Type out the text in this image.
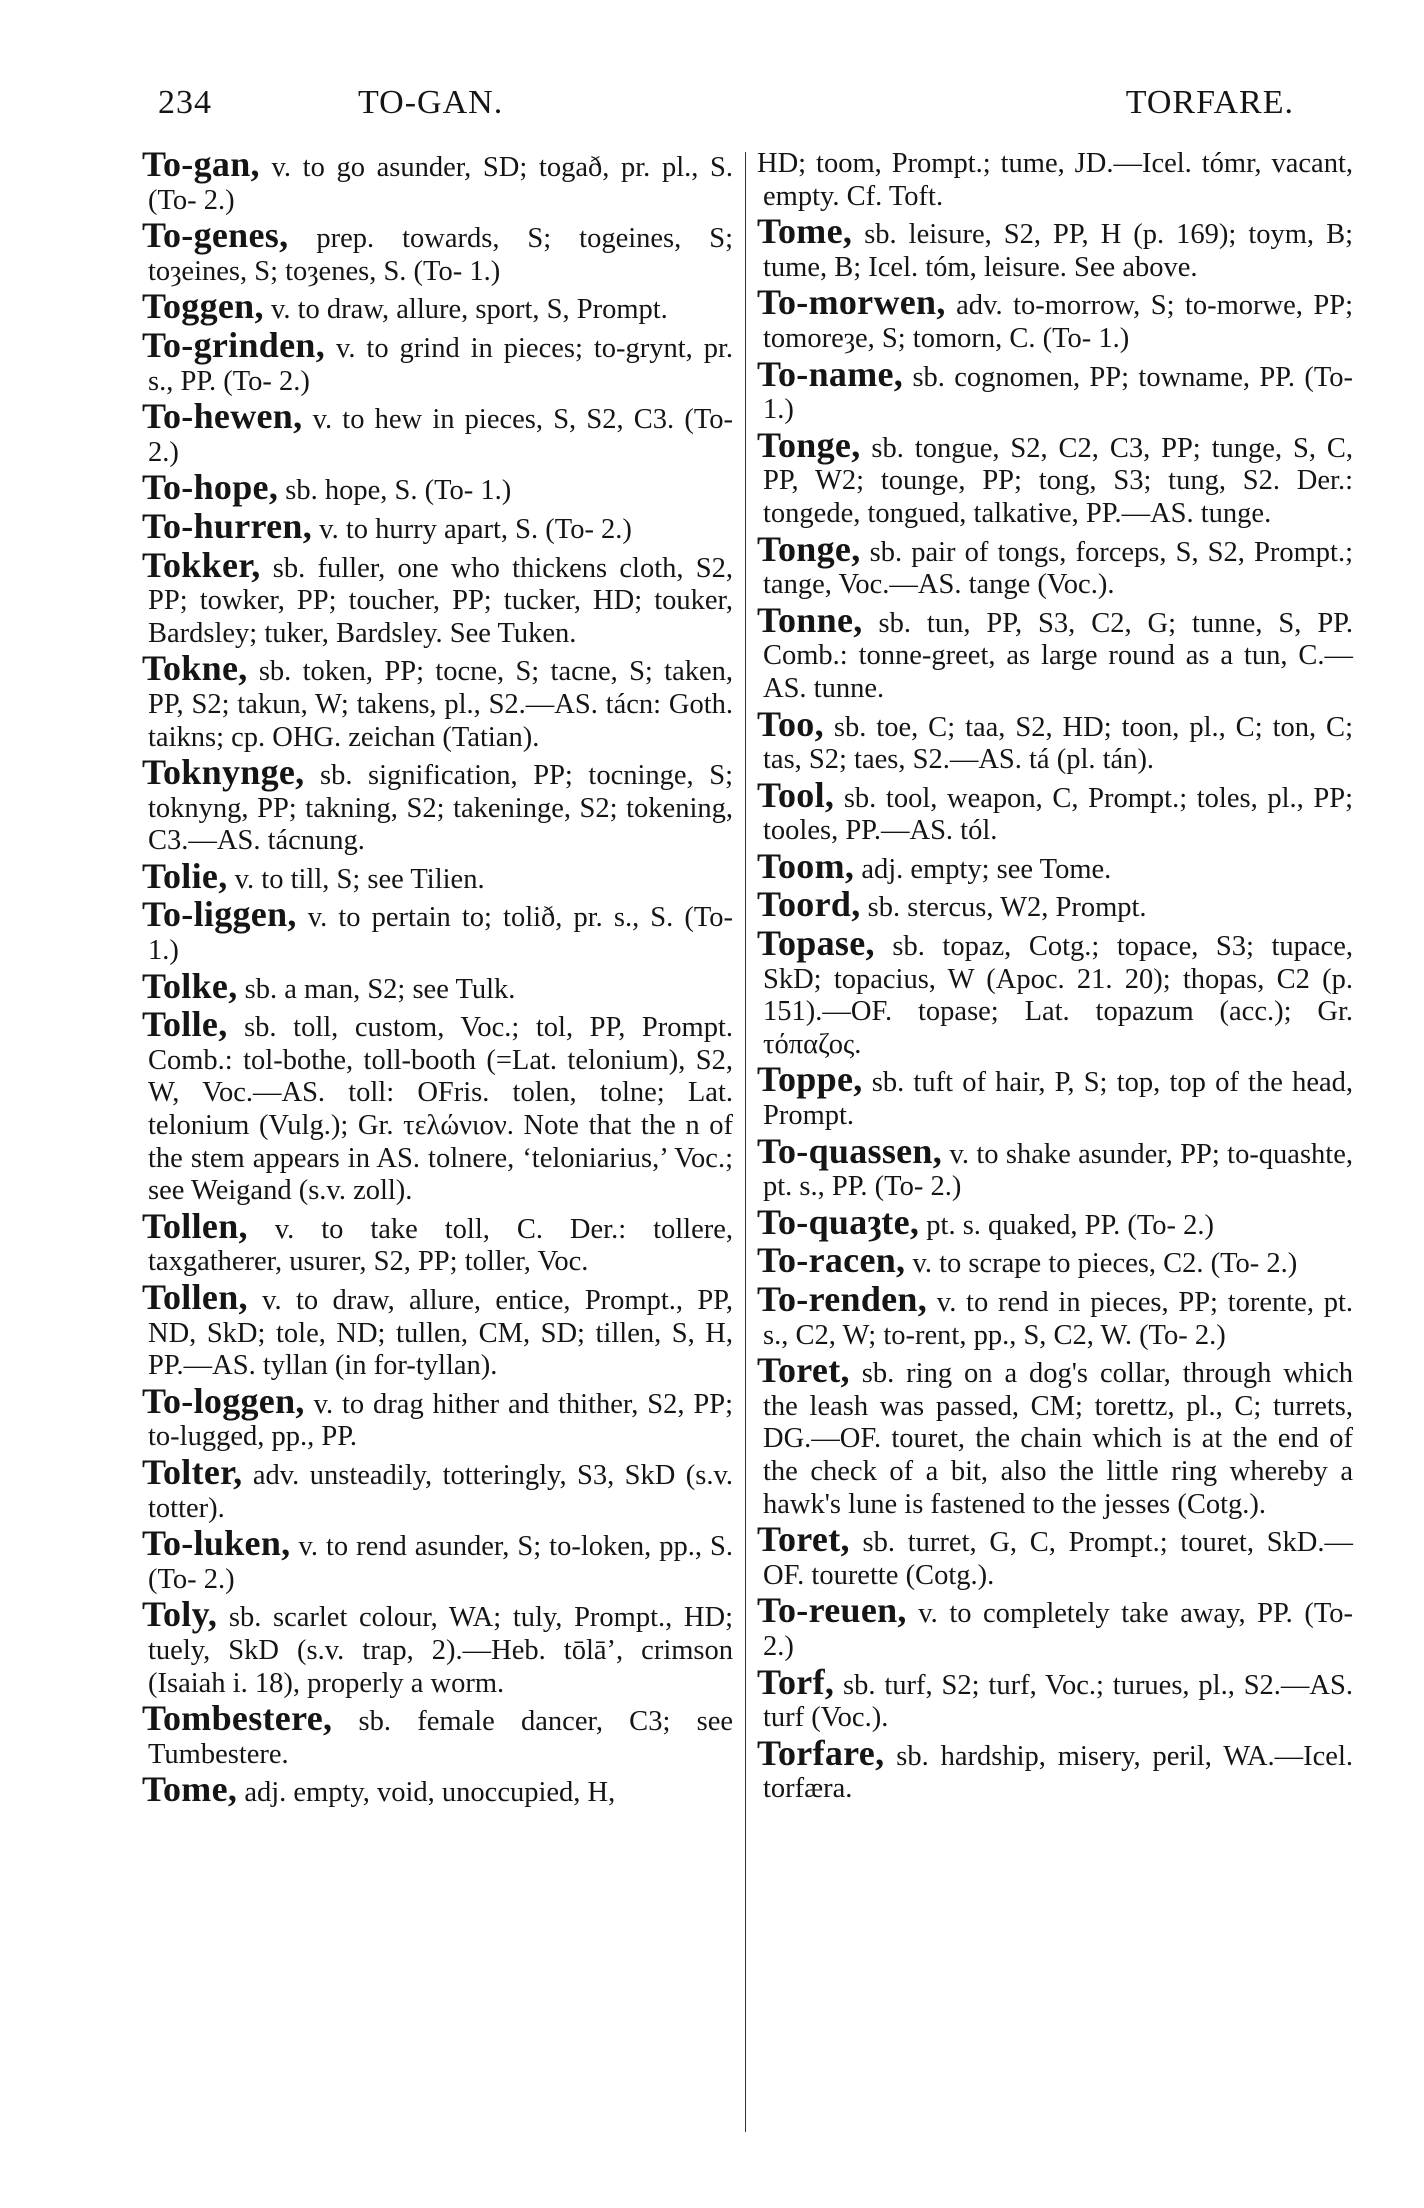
234	TO-GAN.	TORFARE.

To-gan, v. to go asunder, SD; togað, pr. pl., S. (To- 2.)

To-genes, prep. towards, S; togeines, S; toȝeines, S; toȝenes, S. (To- 1.)

Toggen, v. to draw, allure, sport, S, Prompt.

To-grinden, v. to grind in pieces; to-grynt, pr. s., PP. (To- 2.)

To-hewen, v. to hew in pieces, S, S2, C3. (To- 2.)

To-hope, sb. hope, S. (To- 1.)

To-hurren, v. to hurry apart, S. (To- 2.)

Tokker, sb. fuller, one who thickens cloth, S2, PP; towker, PP; toucher, PP; tucker, HD; touker, Bardsley; tuker, Bardsley. See Tuken.

Tokne, sb. token, PP; tocne, S; tacne, S; taken, PP, S2; takun, W; takens, pl., S2.—AS. tácn: Goth. taikns; cp. OHG. zeichan (Tatian).

Toknynge, sb. signification, PP; tocninge, S; toknyng, PP; takning, S2; takeninge, S2; tokening, C3.—AS. tácnung.

Tolie, v. to till, S; see Tilien.

To-liggen, v. to pertain to; tolið, pr. s., S. (To- 1.)

Tolke, sb. a man, S2; see Tulk.

Tolle, sb. toll, custom, Voc.; tol, PP, Prompt. Comb.: tol-bothe, toll-booth (=Lat. telonium), S2, W, Voc.—AS. toll: OFris. tolen, tolne; Lat. telonium (Vulg.); Gr. τελώνιον. Note that the n of the stem appears in AS. tolnere, ‘teloniarius,’ Voc.; see Weigand (s.v. zoll).

Tollen, v. to take toll, C. Der.: tollere, taxgatherer, usurer, S2, PP; toller, Voc.

Tollen, v. to draw, allure, entice, Prompt., PP, ND, SkD; tole, ND; tullen, CM, SD; tillen, S, H, PP.—AS. tyllan (in for-tyllan).

To-loggen, v. to drag hither and thither, S2, PP; to-lugged, pp., PP.

Tolter, adv. unsteadily, totteringly, S3, SkD (s.v. totter).

To-luken, v. to rend asunder, S; to-loken, pp., S. (To- 2.)

Toly, sb. scarlet colour, WA; tuly, Prompt., HD; tuely, SkD (s.v. trap, 2).—Heb. tōlāʼ, crimson (Isaiah i. 18), properly a worm.

Tombestere, sb. female dancer, C3; see Tumbestere.

Tome, adj. empty, void, unoccupied, H,

HD; toom, Prompt.; tume, JD.—Icel. tómr, vacant, empty. Cf. Toft.

Tome, sb. leisure, S2, PP, H (p. 169); toym, B; tume, B; Icel. tóm, leisure. See above.

To-morwen, adv. to-morrow, S; to-morwe, PP; tomoreȝe, S; tomorn, C. (To- 1.)

To-name, sb. cognomen, PP; towname, PP. (To- 1.)

Tonge, sb. tongue, S2, C2, C3, PP; tunge, S, C, PP, W2; tounge, PP; tong, S3; tung, S2. Der.: tongede, tongued, talkative, PP.—AS. tunge.

Tonge, sb. pair of tongs, forceps, S, S2, Prompt.; tange, Voc.—AS. tange (Voc.).

Tonne, sb. tun, PP, S3, C2, G; tunne, S, PP. Comb.: tonne-greet, as large round as a tun, C.—AS. tunne.

Too, sb. toe, C; taa, S2, HD; toon, pl., C; ton, C; tas, S2; taes, S2.—AS. tá (pl. tán).

Tool, sb. tool, weapon, C, Prompt.; toles, pl., PP; tooles, PP.—AS. tól.

Toom, adj. empty; see Tome.

Toord, sb. stercus, W2, Prompt.

Topase, sb. topaz, Cotg.; topace, S3; tupace, SkD; topacius, W (Apoc. 21. 20); thopas, C2 (p. 151).—OF. topase; Lat. topazum (acc.); Gr. τόπαζος.

Toppe, sb. tuft of hair, P, S; top, top of the head, Prompt.

To-quassen, v. to shake asunder, PP; to-quashte, pt. s., PP. (To- 2.)

To-quaȝte, pt. s. quaked, PP. (To- 2.)

To-racen, v. to scrape to pieces, C2. (To- 2.)

To-renden, v. to rend in pieces, PP; torente, pt. s., C2, W; to-rent, pp., S, C2, W. (To- 2.)

Toret, sb. ring on a dog's collar, through which the leash was passed, CM; torettz, pl., C; turrets, DG.—OF. touret, the chain which is at the end of the check of a bit, also the little ring whereby a hawk's lune is fastened to the jesses (Cotg.).

Toret, sb. turret, G, C, Prompt.; touret, SkD.—OF. tourette (Cotg.).

To-reuen, v. to completely take away, PP. (To- 2.)

Torf, sb. turf, S2; turf, Voc.; turues, pl., S2.—AS. turf (Voc.).

Torfare, sb. hardship, misery, peril, WA.—Icel. torfæra.
